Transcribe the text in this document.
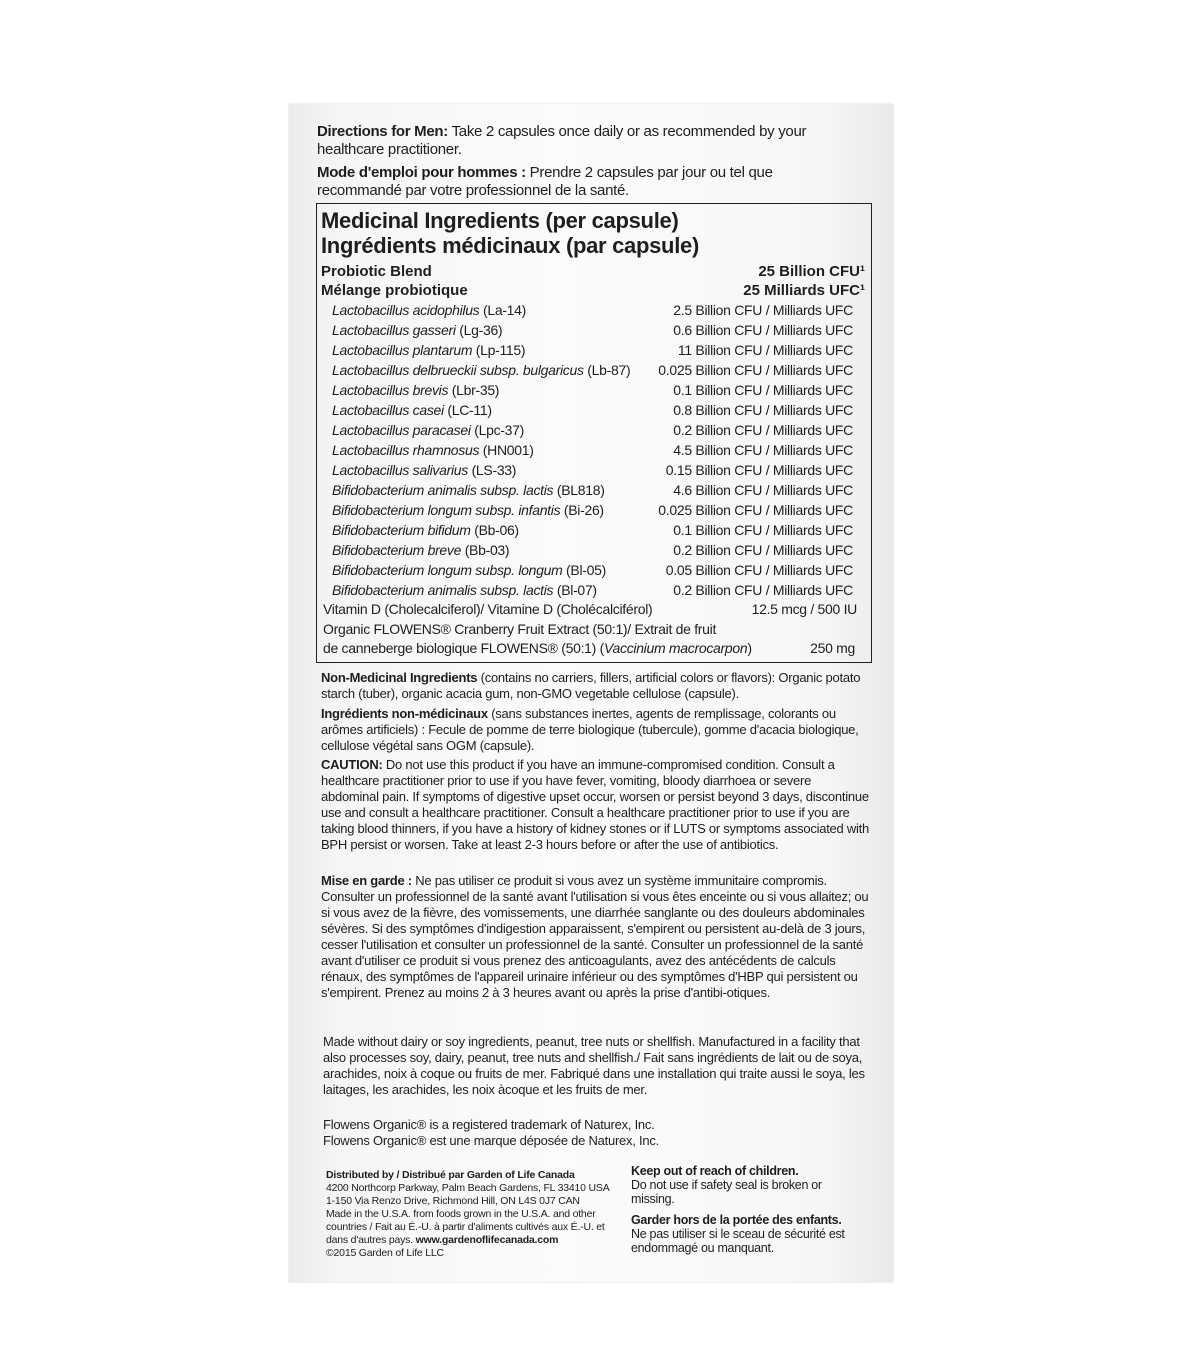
Directions for Men: Take 2 capsules once daily or as recommended by your healthcare practitioner.
Mode d'emploi pour hommes : Prendre 2 capsules par jour ou tel que recommandé par votre professionnel de la santé.
Medicinal Ingredients (per capsule)
Ingrédients médicinaux (par capsule)
Probiotic Blend	25 Billion CFU¹
Mélange probiotique	25 Milliards UFC¹
Lactobacillus acidophilus (La-14)	2.5 Billion CFU / Milliards UFC
Lactobacillus gasseri (Lg-36)	0.6 Billion CFU / Milliards UFC
Lactobacillus plantarum (Lp-115)	11 Billion CFU / Milliards UFC
Lactobacillus delbrueckii subsp. bulgaricus (Lb-87) 0.025 Billion CFU / Milliards UFC
Lactobacillus brevis (Lbr-35)	0.1 Billion CFU / Milliards UFC
Lactobacillus casei (LC-11)	0.8 Billion CFU / Milliards UFC
Lactobacillus paracasei (Lpc-37)	0.2 Billion CFU / Milliards UFC
Lactobacillus rhamnosus (HN001)	4.5 Billion CFU / Milliards UFC
Lactobacillus salivarius (LS-33)	0.15 Billion CFU / Milliards UFC
Bifidobacterium animalis subsp. lactis (BL818)	4.6 Billion CFU / Milliards UFC
Bifidobacterium longum subsp. infantis (Bi-26)	0.025 Billion CFU / Milliards UFC
Bifidobacterium bifidum (Bb-06)	0.1 Billion CFU / Milliards UFC
Bifidobacterium breve (Bb-03)	0.2 Billion CFU / Milliards UFC
Bifidobacterium longum subsp. longum (Bl-05)	0.05 Billion CFU / Milliards UFC
Bifidobacterium animalis subsp. lactis (Bl-07)	0.2 Billion CFU / Milliards UFC
Vitamin D (Cholecalciferol)/ Vitamine D (Cholécalciférol)	12.5 mcg / 500 IU
Organic FLOWENS® Cranberry Fruit Extract (50:1)/ Extrait de fruit
de canneberge biologique FLOWENS® (50:1) (Vaccinium macrocarpon)	250 mg
Non-Medicinal Ingredients (contains no carriers, fillers, artificial colors or flavors): Organic potato starch (tuber), organic acacia gum, non-GMO vegetable cellulose (capsule).
Ingrédients non-médicinaux (sans substances inertes, agents de remplissage, colorants ou arômes artificiels) : Fecule de pomme de terre biologique (tubercule), gomme d'acacia biologique, cellulose végétal sans OGM (capsule).
CAUTION: Do not use this product if you have an immune-compromised condition. Consult a healthcare practitioner prior to use if you have fever, vomiting, bloody diarrhoea or severe abdominal pain. If symptoms of digestive upset occur, worsen or persist beyond 3 days, discontinue use and consult a healthcare practitioner. Consult a healthcare practitioner prior to use if you are taking blood thinners, if you have a history of kidney stones or if LUTS or symptoms associated with BPH persist or worsen. Take at least 2-3 hours before or after the use of antibiotics.
Mise en garde : Ne pas utiliser ce produit si vous avez un système immunitaire compromis. Consulter un professionnel de la santé avant l'utilisation si vous êtes enceinte ou si vous allaitez; ou si vous avez de la fièvre, des vomissements, une diarrhée sanglante ou des douleurs abdominales sévères. Si des symptômes d'indigestion apparaissent, s'empirent ou persistent au-delà de 3 jours, cesser l'utilisation et consulter un professionnel de la santé. Consulter un professionnel de la santé avant d'utiliser ce produit si vous prenez des anticoagulants, avez des antécédents de calculs rénaux, des symptômes de l'appareil urinaire inférieur ou des symptômes d'HBP qui persistent ou s'empirent. Prenez au moins 2 à 3 heures avant ou après la prise d'antibi-otiques.
Made without dairy or soy ingredients, peanut, tree nuts or shellfish. Manufactured in a facility that also processes soy, dairy, peanut, tree nuts and shellfish./ Fait sans ingrédients de lait ou de soya, arachides, noix à coque ou fruits de mer. Fabriqué dans une installation qui traite aussi le soya, les laitages, les arachides, les noix àcoque et les fruits de mer.
Flowens Organic® is a registered trademark of Naturex, Inc.
Flowens Organic® est une marque déposée de Naturex, Inc.
Distributed by / Distribué par Garden of Life Canada
4200 Northcorp Parkway, Palm Beach Gardens, FL 33410 USA
1-150 Via Renzo Drive, Richmond Hill, ON L4S 0J7 CAN
Made in the U.S.A. from foods grown in the U.S.A. and other countries / Fait au É.-U. à partir d'aliments cultivés aux É.-U. et dans d'autres pays. www.gardenoflifecanada.com
©2015 Garden of Life LLC
Keep out of reach of children.
Do not use if safety seal is broken or missing.
Garder hors de la portée des enfants.
Ne pas utiliser si le sceau de sécurité est endommagé ou manquant.
